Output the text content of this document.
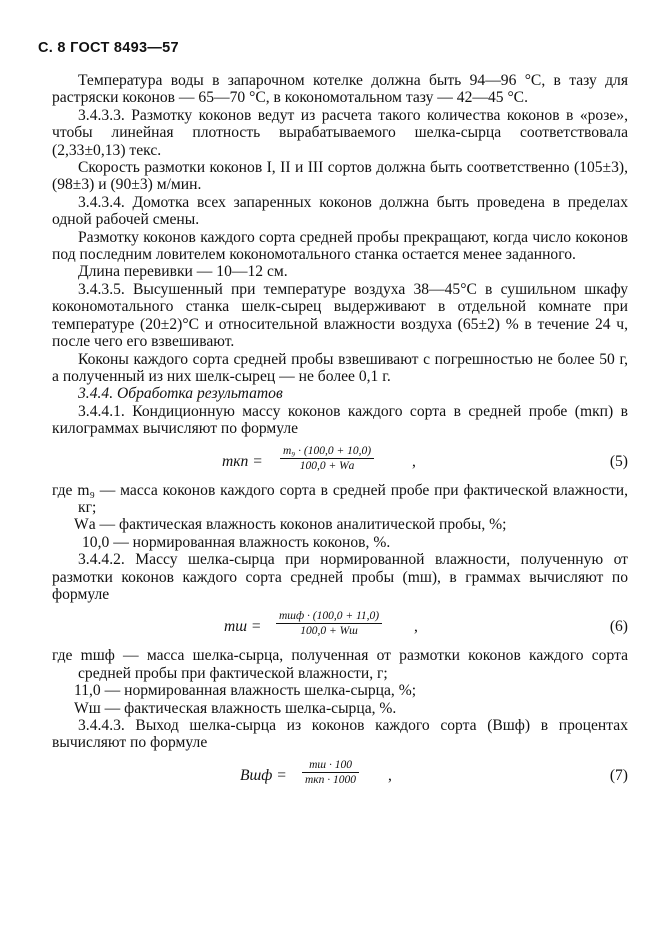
С. 8 ГОСТ 8493—57

Температура воды в запарочном котелке должна быть 94—96 °С, в тазу для растряски коконов — 65—70 °С, в кокономотальном тазу — 42—45 °С.

3.4.3.3. Размотку коконов ведут из расчета такого количества коконов в «розе», чтобы линейная плотность вырабатываемого шелка-сырца соответствовала (2,33±0,13) текс.

Скорость размотки коконов I, II и III сортов должна быть соответственно (105±3), (98±3) и (90±3) м/мин.

3.4.3.4. Домотка всех запаренных коконов должна быть проведена в пределах одной рабочей смены.

Размотку коконов каждого сорта средней пробы прекращают, когда число коконов под последним ловителем кокономотального станка остается менее заданного.

Длина перевивки — 10—12 см.

3.4.3.5. Высушенный при температуре воздуха 38—45°С в сушильном шкафу кокономотального станка шелк-сырец выдерживают в отдельной комнате при температуре (20±2)°С и относительной влажности воздуха (65±2) % в течение 24 ч, после чего его взвешивают.

Коконы каждого сорта средней пробы взвешивают с погрешностью не более 50 г, а полученный из них шелк-сырец — не более 0,1 г.

3.4.4. Обработка результатов

3.4.4.1. Кондиционную массу коконов каждого сорта в средней пробе (mкп) в килограммах вычисляют по формуле

mкп =
m₉ · (100,0 + 10,0)
100,0 + Wа	,	(5)

где m₉ — масса коконов каждого сорта в средней пробе при фактической влажности, кг;

Wа — фактическая влажность коконов аналитической пробы, %;

10,0 — нормированная влажность коконов, %.

3.4.4.2. Массу шелка-сырца при нормированной влажности, полученную от размотки коконов каждого сорта средней пробы (mш), в граммах вычисляют по формуле

mш =
mшф · (100,0 + 11,0)
100,0 + Wш	,	(6)

где mшф — масса шелка-сырца, полученная от размотки коконов каждого сорта средней пробы при фактической влажности, г;

11,0 — нормированная влажность шелка-сырца, %;

Wш — фактическая влажность шелка-сырца, %.

3.4.4.3. Выход шелка-сырца из коконов каждого сорта (Вшф) в процентах вычисляют по формуле

Bшф =
mш · 100
mкп · 1000 ,	(7)
